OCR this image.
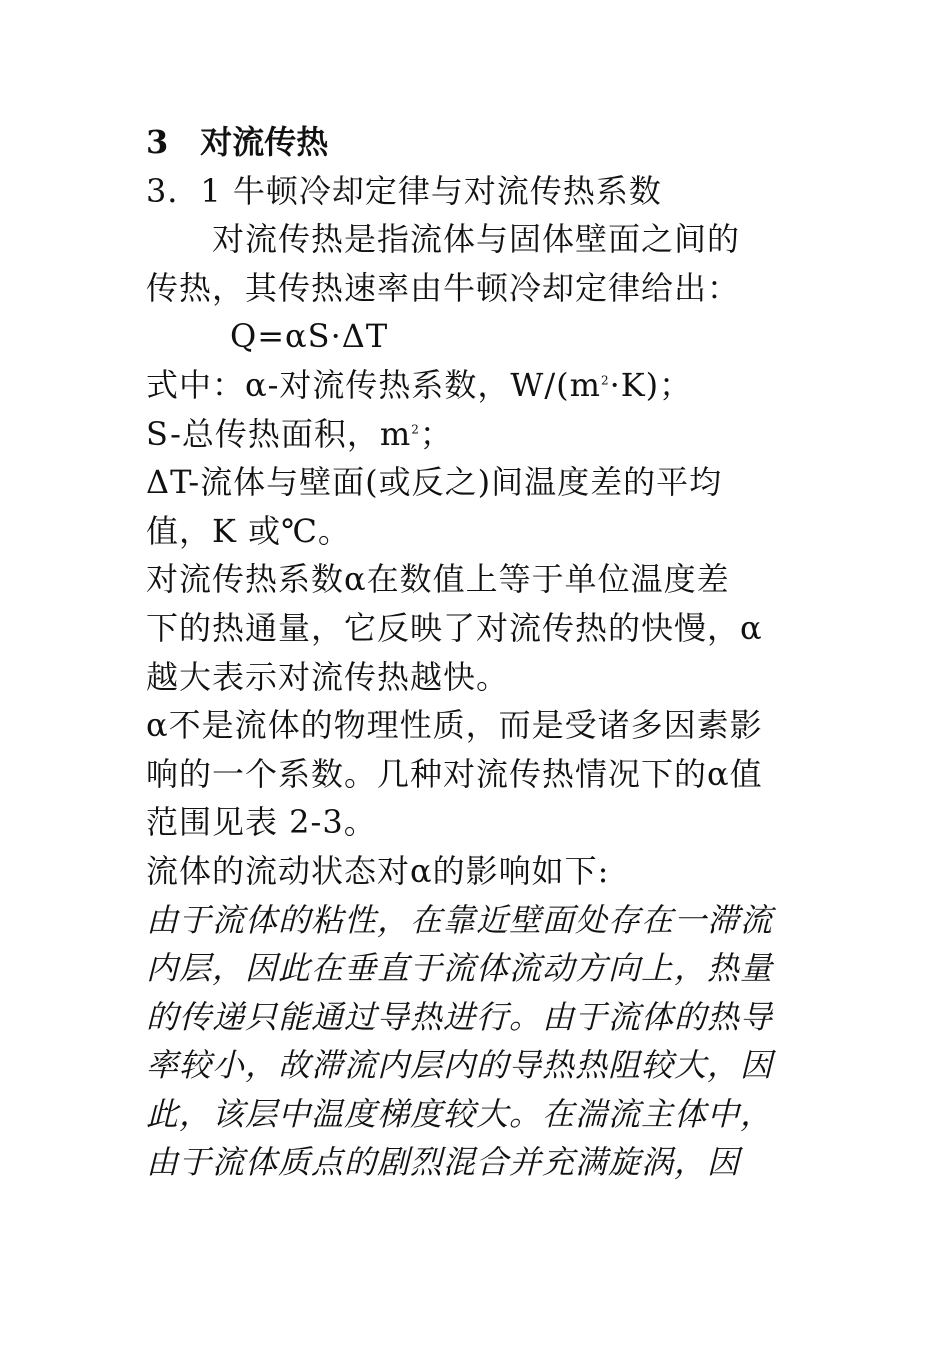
3　对流传热
3．1 牛顿冷却定律与对流传热系数
对流传热是指流体与固体壁面之间的
传热，其传热速率由牛顿冷却定律给出：
Q=αS·ΔT
式中：α-对流传热系数，$W/(m^2\cdot K)$；
S-总传热面积，$m^2$；
ΔT-流体与壁面(或反之)间温度差的平均
值，K 或℃。
对流传热系数α在数值上等于单位温度差
下的热通量，它反映了对流传热的快慢，α
越大表示对流传热越快。
α不是流体的物理性质，而是受诸多因素影
响的一个系数。几种对流传热情况下的α值
范围见表 2-3。
流体的流动状态对α的影响如下:
由于流体的粘性，在靠近壁面处存在一滞流
内层，因此在垂直于流体流动方向上，热量
的传递只能通过导热进行。由于流体的热导
率较小，故滞流内层内的导热热阻较大，因
此，该层中温度梯度较大。在湍流主体中，
由于流体质点的剧烈混合并充满旋涡，因
